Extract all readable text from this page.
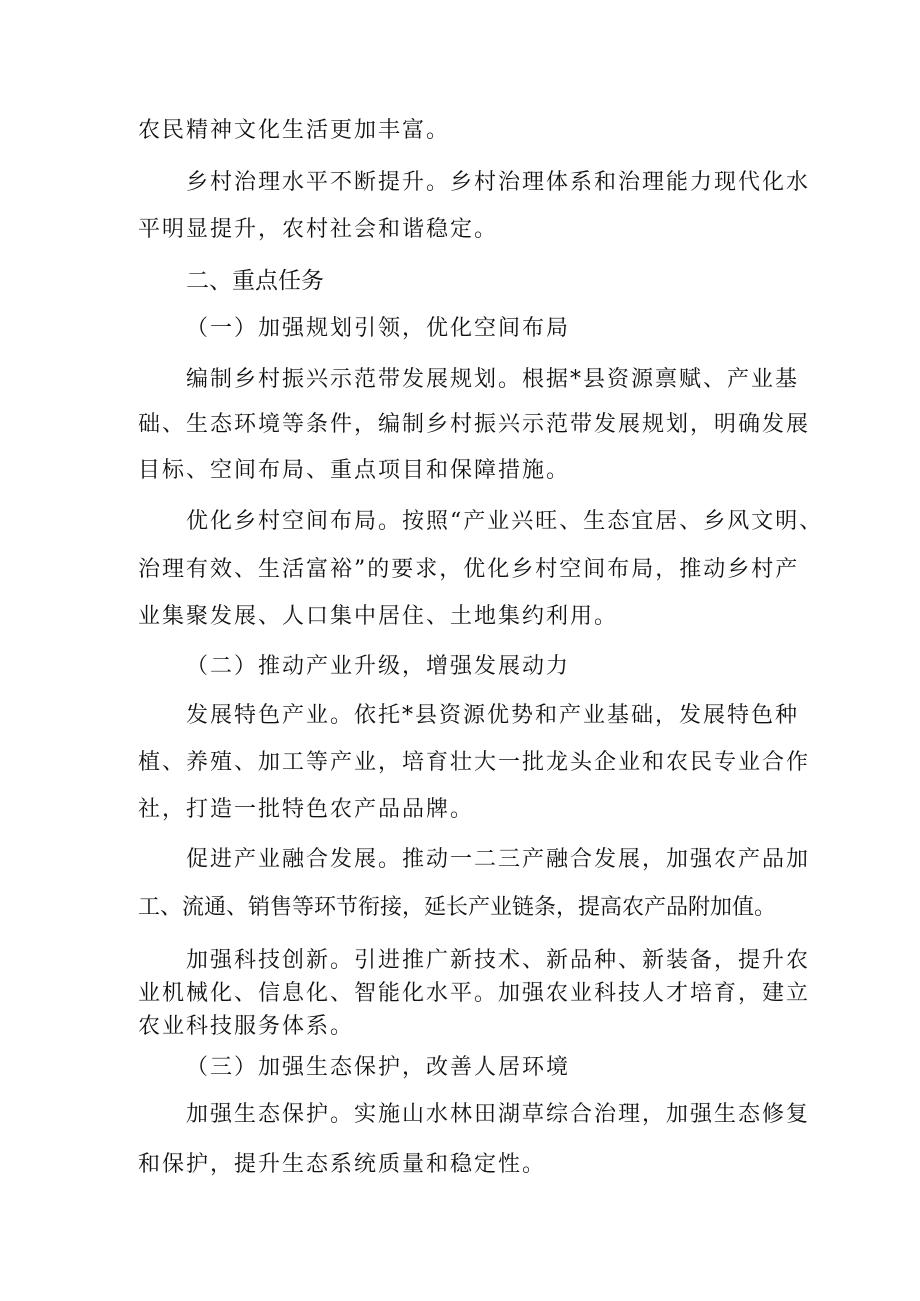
农民精神文化生活更加丰富。
乡村治理水平不断提升。乡村治理体系和治理能力现代化水
平明显提升，农村社会和谐稳定。
二、重点任务
（一）加强规划引领，优化空间布局
编制乡村振兴示范带发展规划。根据*县资源禀赋、产业基
础、生态环境等条件，编制乡村振兴示范带发展规划，明确发展
目标、空间布局、重点项目和保障措施。
优化乡村空间布局。按照“产业兴旺、生态宜居、乡风文明、
治理有效、生活富裕”的要求，优化乡村空间布局，推动乡村产
业集聚发展、人口集中居住、土地集约利用。
（二）推动产业升级，增强发展动力
发展特色产业。依托*县资源优势和产业基础，发展特色种
植、养殖、加工等产业，培育壮大一批龙头企业和农民专业合作
社，打造一批特色农产品品牌。
促进产业融合发展。推动一二三产融合发展，加强农产品加
工、流通、销售等环节衔接，延长产业链条，提高农产品附加值。
加强科技创新。引进推广新技术、新品种、新装备，提升农
业机械化、信息化、智能化水平。加强农业科技人才培育，建立
农业科技服务体系。
（三）加强生态保护，改善人居环境
加强生态保护。实施山水林田湖草综合治理，加强生态修复
和保护，提升生态系统质量和稳定性。
